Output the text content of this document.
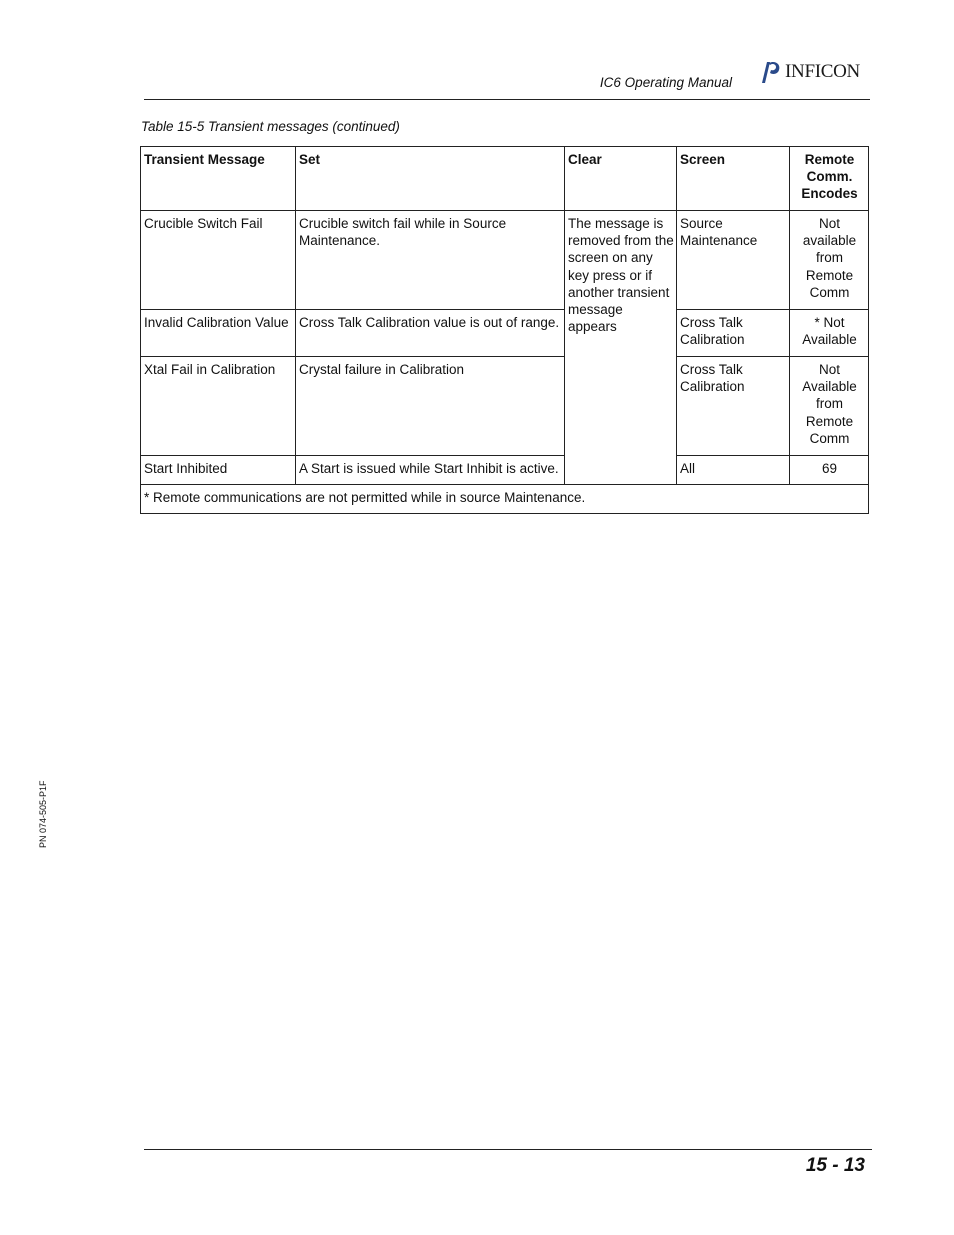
IC6 Operating Manual
INFICON
Table 15-5 Transient messages (continued)
Transient Message	Set	Clear	Screen	Remote Comm. Encodes
Crucible Switch Fail	Crucible switch fail while in Source Maintenance.	The message is removed from the screen on any key press or if another transient message appears	Source Maintenance	Not available from Remote Comm
Invalid Calibration Value	Cross Talk Calibration value is out of range.		Cross Talk Calibration	* Not Available
Xtal Fail in Calibration	Crystal failure in Calibration		Cross Talk Calibration	Not Available from Remote Comm
Start Inhibited	A Start is issued while Start Inhibit is active.		All	69
* Remote communications are not permitted while in source Maintenance.				
PN 074-505-P1F
15 - 13
